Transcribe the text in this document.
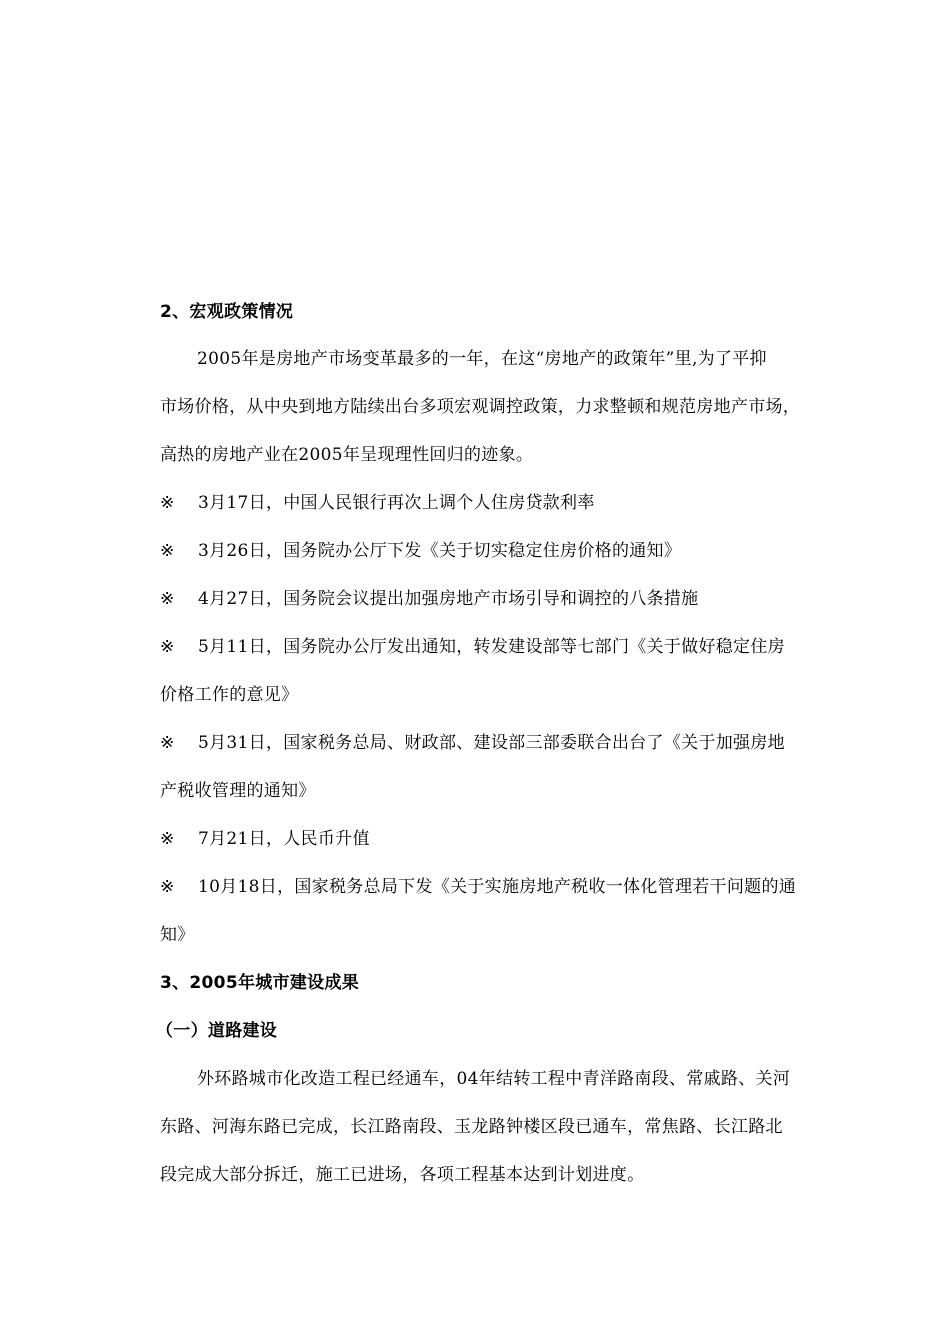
2、宏观政策情况
2005年是房地产市场变革最多的一年，在这“房地产的政策年”里,为了平抑
市场价格，从中央到地方陆续出台多项宏观调控政策，力求整顿和规范房地产市场，
高热的房地产业在2005年呈现理性回归的迹象。
※ 3月17日，中国人民银行再次上调个人住房贷款利率
※ 3月26日，国务院办公厅下发《关于切实稳定住房价格的通知》
※ 4月27日，国务院会议提出加强房地产市场引导和调控的八条措施
※ 5月11日，国务院办公厅发出通知，转发建设部等七部门《关于做好稳定住房
价格工作的意见》
※ 5月31日，国家税务总局、财政部、建设部三部委联合出台了《关于加强房地
产税收管理的通知》
※ 7月21日，人民币升值
※ 10月18日，国家税务总局下发《关于实施房地产税收一体化管理若干问题的通
知》
3、2005年城市建设成果
（一）道路建设
外环路城市化改造工程已经通车，04年结转工程中青洋路南段、常戚路、关河
东路、河海东路已完成，长江路南段、玉龙路钟楼区段已通车，常焦路、长江路北
段完成大部分拆迁，施工已进场，各项工程基本达到计划进度。
